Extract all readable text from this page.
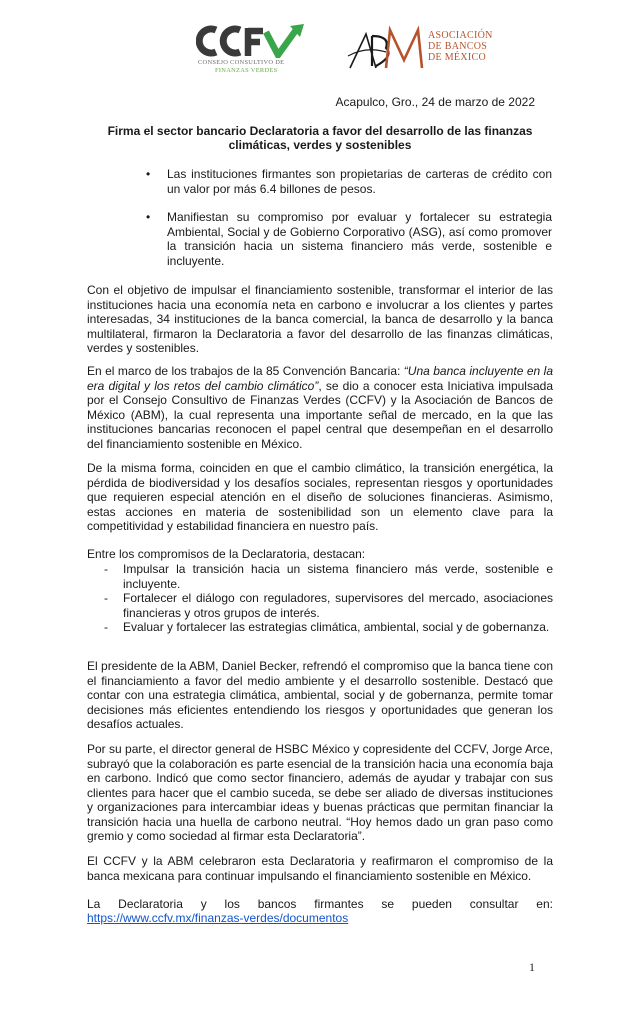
CONSEJO CONSULTIVO DE
FINANZAS VERDES
ASOCIACIÓN
DE BANCOS
DE MÉXICO
Acapulco, Gro., 24 de marzo de 2022
Firma el sector bancario Declaratoria a favor del desarrollo de las finanzas climáticas, verdes y sostenibles
• Las instituciones firmantes son propietarias de carteras de crédito con un valor por más 6.4 billones de pesos.
• Manifiestan su compromiso por evaluar y fortalecer su estrategia Ambiental, Social y de Gobierno Corporativo (ASG), así como promover la transición hacia un sistema financiero más verde, sostenible e incluyente.

Con el objetivo de impulsar el financiamiento sostenible, transformar el interior de las instituciones hacia una economía neta en carbono e involucrar a los clientes y partes interesadas, 34 instituciones de la banca comercial, la banca de desarrollo y la banca multilateral, firmaron la Declaratoria a favor del desarrollo de las finanzas climáticas, verdes y sostenibles.

En el marco de los trabajos de la 85 Convención Bancaria: “Una banca incluyente en la era digital y los retos del cambio climático”, se dio a conocer esta Iniciativa impulsada por el Consejo Consultivo de Finanzas Verdes (CCFV) y la Asociación de Bancos de México (ABM), la cual representa una importante señal de mercado, en la que las instituciones bancarias reconocen el papel central que desempeñan en el desarrollo del financiamiento sostenible en México.

De la misma forma, coinciden en que el cambio climático, la transición energética, la pérdida de biodiversidad y los desafíos sociales, representan riesgos y oportunidades que requieren especial atención en el diseño de soluciones financieras. Asimismo, estas acciones en materia de sostenibilidad son un elemento clave para la competitividad y estabilidad financiera en nuestro país.

Entre los compromisos de la Declaratoria, destacan:

- Impulsar la transición hacia un sistema financiero más verde, sostenible e incluyente.
- Fortalecer el diálogo con reguladores, supervisores del mercado, asociaciones financieras y otros grupos de interés.
- Evaluar y fortalecer las estrategias climática, ambiental, social y de gobernanza.

El presidente de la ABM, Daniel Becker, refrendó el compromiso que la banca tiene con el financiamiento a favor del medio ambiente y el desarrollo sostenible. Destacó que contar con una estrategia climática, ambiental, social y de gobernanza, permite tomar decisiones más eficientes entendiendo los riesgos y oportunidades que generan los desafíos actuales.

Por su parte, el director general de HSBC México y copresidente del CCFV, Jorge Arce, subrayó que la colaboración es parte esencial de la transición hacia una economía baja en carbono. Indicó que como sector financiero, además de ayudar y trabajar con sus clientes para hacer que el cambio suceda, se debe ser aliado de diversas instituciones y organizaciones para intercambiar ideas y buenas prácticas que permitan financiar la transición hacia una huella de carbono neutral. “Hoy hemos dado un gran paso como gremio y como sociedad al firmar esta Declaratoria”.

El CCFV y la ABM celebraron esta Declaratoria y reafirmaron el compromiso de la banca mexicana para continuar impulsando el financiamiento sostenible en México.

La Declaratoria y los bancos firmantes se pueden consultar en:

https://www.ccfv.mx/finanzas-verdes/documentos
1
